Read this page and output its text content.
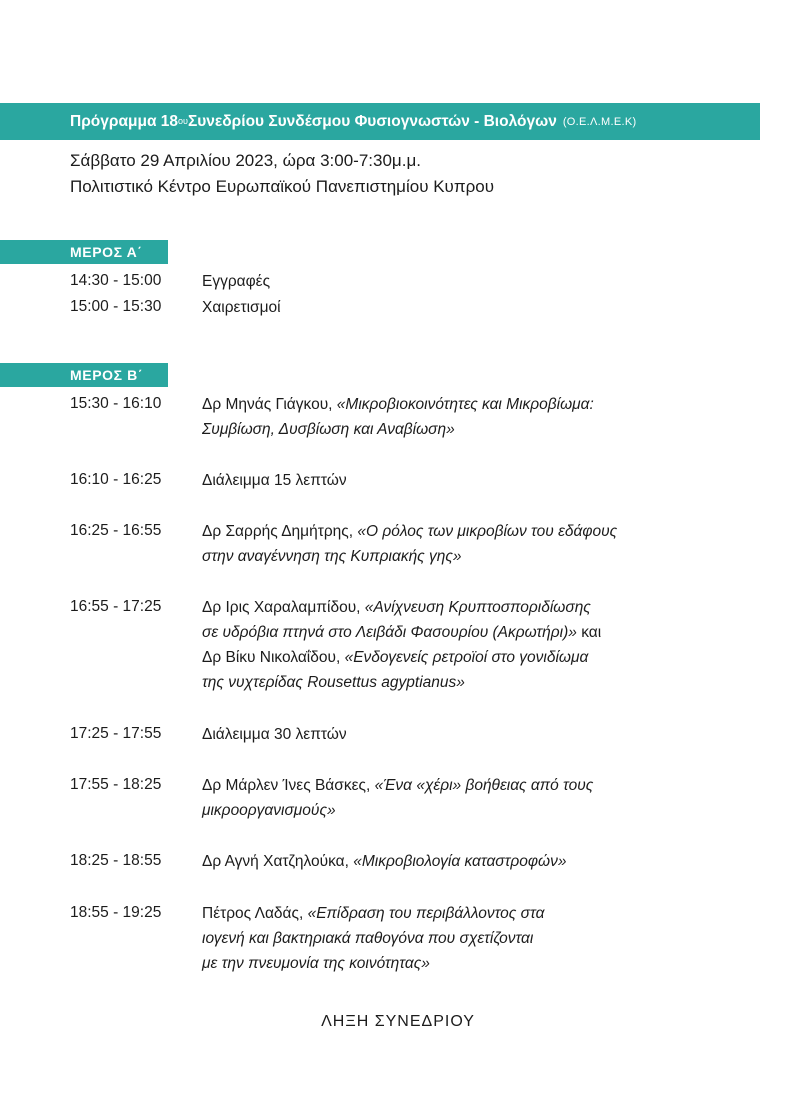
Πρόγραμμα $18^{o\upsilon}$ Συνεδρίου Συνδέσμου Φυσιογνωστών - Βιολόγων (Ο.Ε.Λ.Μ.Ε.Κ)
Σάββατο 29 Απριλίου 2023, ώρα 3:00-7:30μ.μ.
Πολιτιστικό Κέντρο Ευρωπαϊκού Πανεπιστημίου Κυπρου
ΜΕΡΟΣ Α΄
14:30 - 15:00	Εγγραφές
15:00 - 15:30	Χαιρετισμοί
ΜΕΡΟΣ Β΄
15:30 - 16:10	Δρ Μηνάς Γιάγκου, «Μικροβιοκοινότητες και Μικροβίωμα:
Συμβίωση, Δυσβίωση και Αναβίωση»
16:10 - 16:25	Διάλειμμα 15 λεπτών
16:25 - 16:55	Δρ Σαρρής Δημήτρης, «Ο ρόλος των μικροβίων του εδάφους
στην αναγέννηση της Κυπριακής γης»
16:55 - 17:25	Δρ Ιρις Χαραλαμπίδου, «Ανίχνευση Κρυπτοσποριδίωσης
σε υδρόβια πτηνά στο Λειβάδι Φασουρίου (Ακρωτήρι)» και
Δρ Βίκυ Νικολαΐδου, «Ενδογενείς ρετροϊοί στο γονιδίωμα
της νυχτερίδας Rousettus agyptianus»
17:25 - 17:55	Διάλειμμα 30 λεπτών
17:55 - 18:25	Δρ Μάρλεν Ίνες Βάσκες, «Ένα «χέρι» βοήθειας από τους
μικροοργανισμούς»
18:25 - 18:55	Δρ Αγνή Χατζηλούκα, «Μικροβιολογία καταστροφών»
18:55 - 19:25	Πέτρος Λαδάς, «Επίδραση του περιβάλλοντος στα
ιογενή και βακτηριακά παθογόνα που σχετίζονται
με την πνευμονία της κοινότητας»
ΛΗΞΗ ΣΥΝΕΔΡΙΟΥ
